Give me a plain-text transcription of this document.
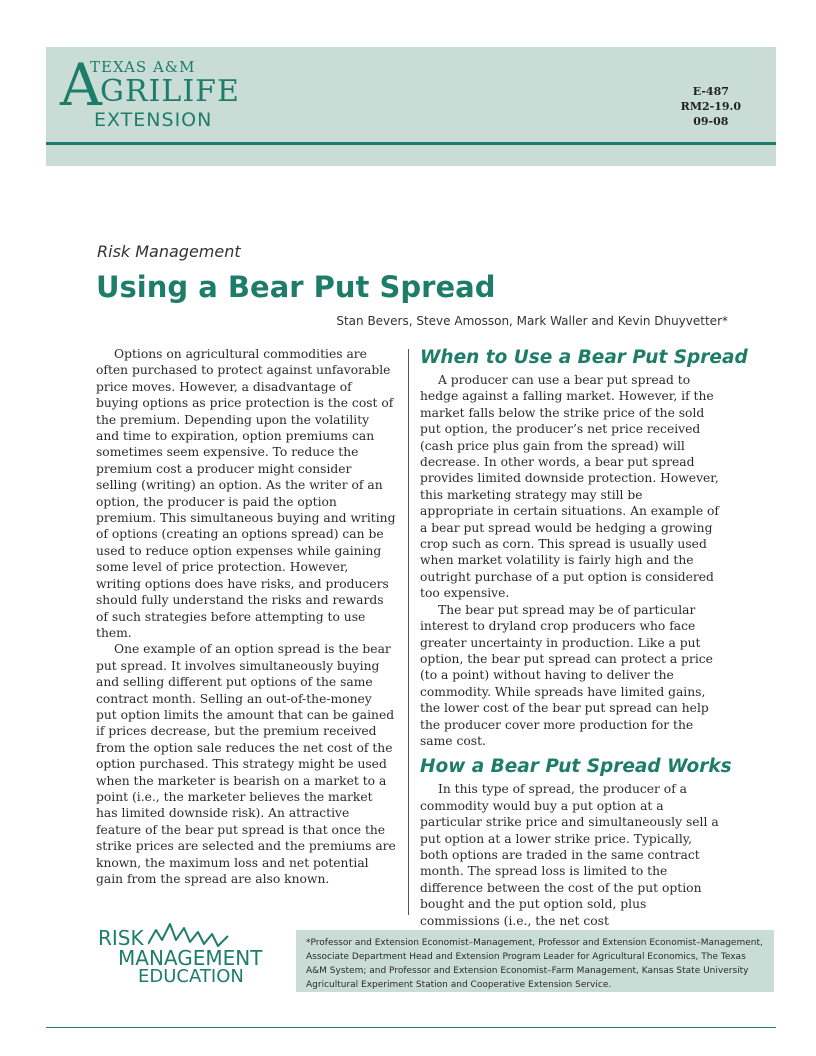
A
TEXAS A&M
GRILIFE
EXTENSION
E-487
RM2-19.0
09-08
Risk Management
Using a Bear Put Spread
Stan Bevers, Steve Amosson, Mark Waller and Kevin Dhuyvetter*

Options on agricultural commodities are often purchased to protect against unfavorable price moves. However, a disadvantage of buying options as price protection is the cost of the premium. Depending upon the volatility and time to expiration, option premiums can sometimes seem expensive. To reduce the premium cost a producer might consider selling (writing) an option. As the writer of an option, the producer is paid the option premium. This simultaneous buying and writing of options (creating an options spread) can be used to reduce option expenses while gaining some level of price protection. However, writing options does have risks, and producers should fully understand the risks and rewards of such strategies before attempting to use them.

One example of an option spread is the bear put spread. It involves simultaneously buying and selling different put options of the same contract month. Selling an out-of-the-money put option limits the amount that can be gained if prices decrease, but the premium received from the option sale reduces the net cost of the option purchased. This strategy might be used when the marketer is bearish on a market to a point (i.e., the marketer believes the market has limited downside risk). An attractive feature of the bear put spread is that once the strike prices are selected and the premiums are known, the maximum loss and net potential gain from the spread are also known.

When to Use a Bear Put Spread

A producer can use a bear put spread to hedge against a falling market. However, if the market falls below the strike price of the sold put option, the producer’s net price received (cash price plus gain from the spread) will decrease. In other words, a bear put spread provides limited downside protection. However, this marketing strategy may still be appropriate in certain situations. An example of a bear put spread would be hedging a growing crop such as corn. This spread is usually used when market volatility is fairly high and the outright purchase of a put option is considered too expensive.

The bear put spread may be of particular interest to dryland crop producers who face greater uncertainty in production. Like a put option, the bear put spread can protect a price (to a point) without having to deliver the commodity. While spreads have limited gains, the lower cost of the bear put spread can help the producer cover more production for the same cost.

How a Bear Put Spread Works

In this type of spread, the producer of a commodity would buy a put option at a particular strike price and simultaneously sell a put option at a lower strike price. Typically, both options are traded in the same contract month. The spread loss is limited to the difference between the cost of the put option bought and the put option sold, plus commissions (i.e., the net cost

RISK
MANAGEMENT
EDUCATION
*Professor and Extension Economist–Management, Professor and Extension Economist–Management, Associate Department Head and Extension Program Leader for Agricultural Economics, The Texas A&M System; and Professor and Extension Economist–Farm Management, Kansas State University Agricultural Experiment Station and Cooperative Extension Service.
